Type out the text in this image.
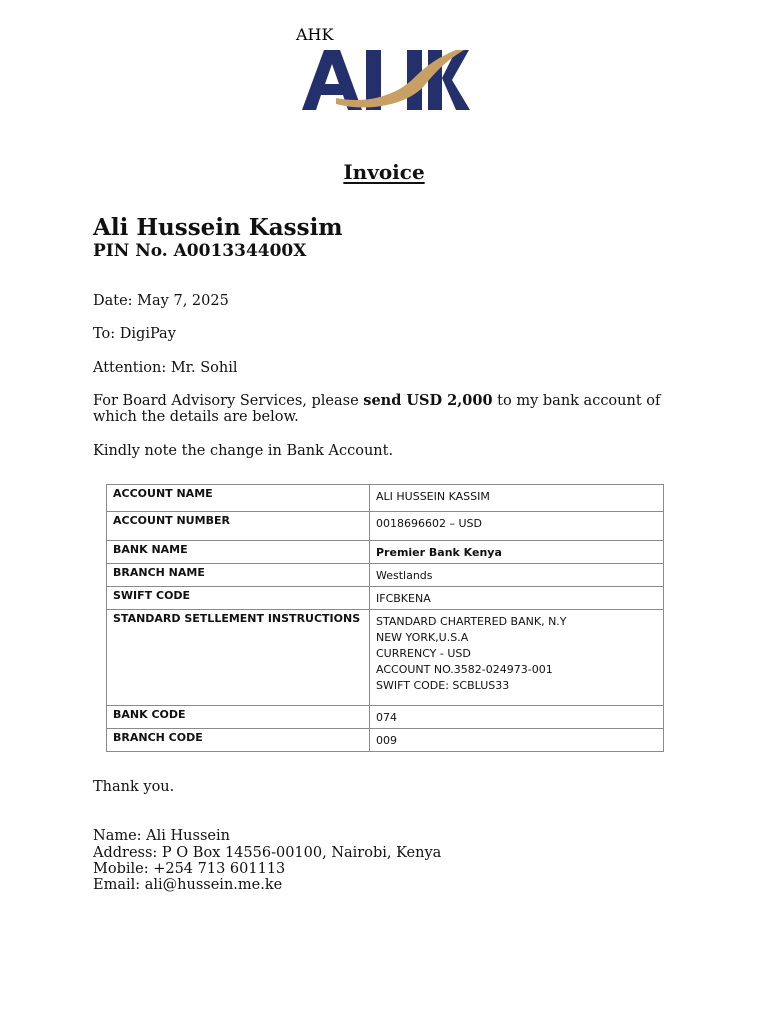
AHK
Invoice
Ali Hussein Kassim
PIN No. A001334400X

Date: May 7, 2025

To: DigiPay

Attention: Mr. Sohil

For Board Advisory Services, please send USD 2,000 to my bank account of which the details are below.

Kindly note the change in Bank Account.

ACCOUNT NAME	ALI HUSSEIN KASSIM

ACCOUNT NUMBER	0018696602 – USD

BANK NAME	Premier Bank Kenya

BRANCH NAME	Westlands

SWIFT CODE	IFCBKENA

STANDARD SETLLEMENT INSTRUCTIONS	STANDARD CHARTERED BANK, N.Y
NEW YORK,U.S.A
CURRENCY - USD
ACCOUNT NO.3582-024973-001
SWIFT CODE: SCBLUS33

BANK CODE	074

BRANCH CODE	009

Thank you.

Name: Ali Hussein

Address: P O Box 14556-00100, Nairobi, Kenya

Mobile: +254 713 601113

Email: ali@hussein.me.ke
